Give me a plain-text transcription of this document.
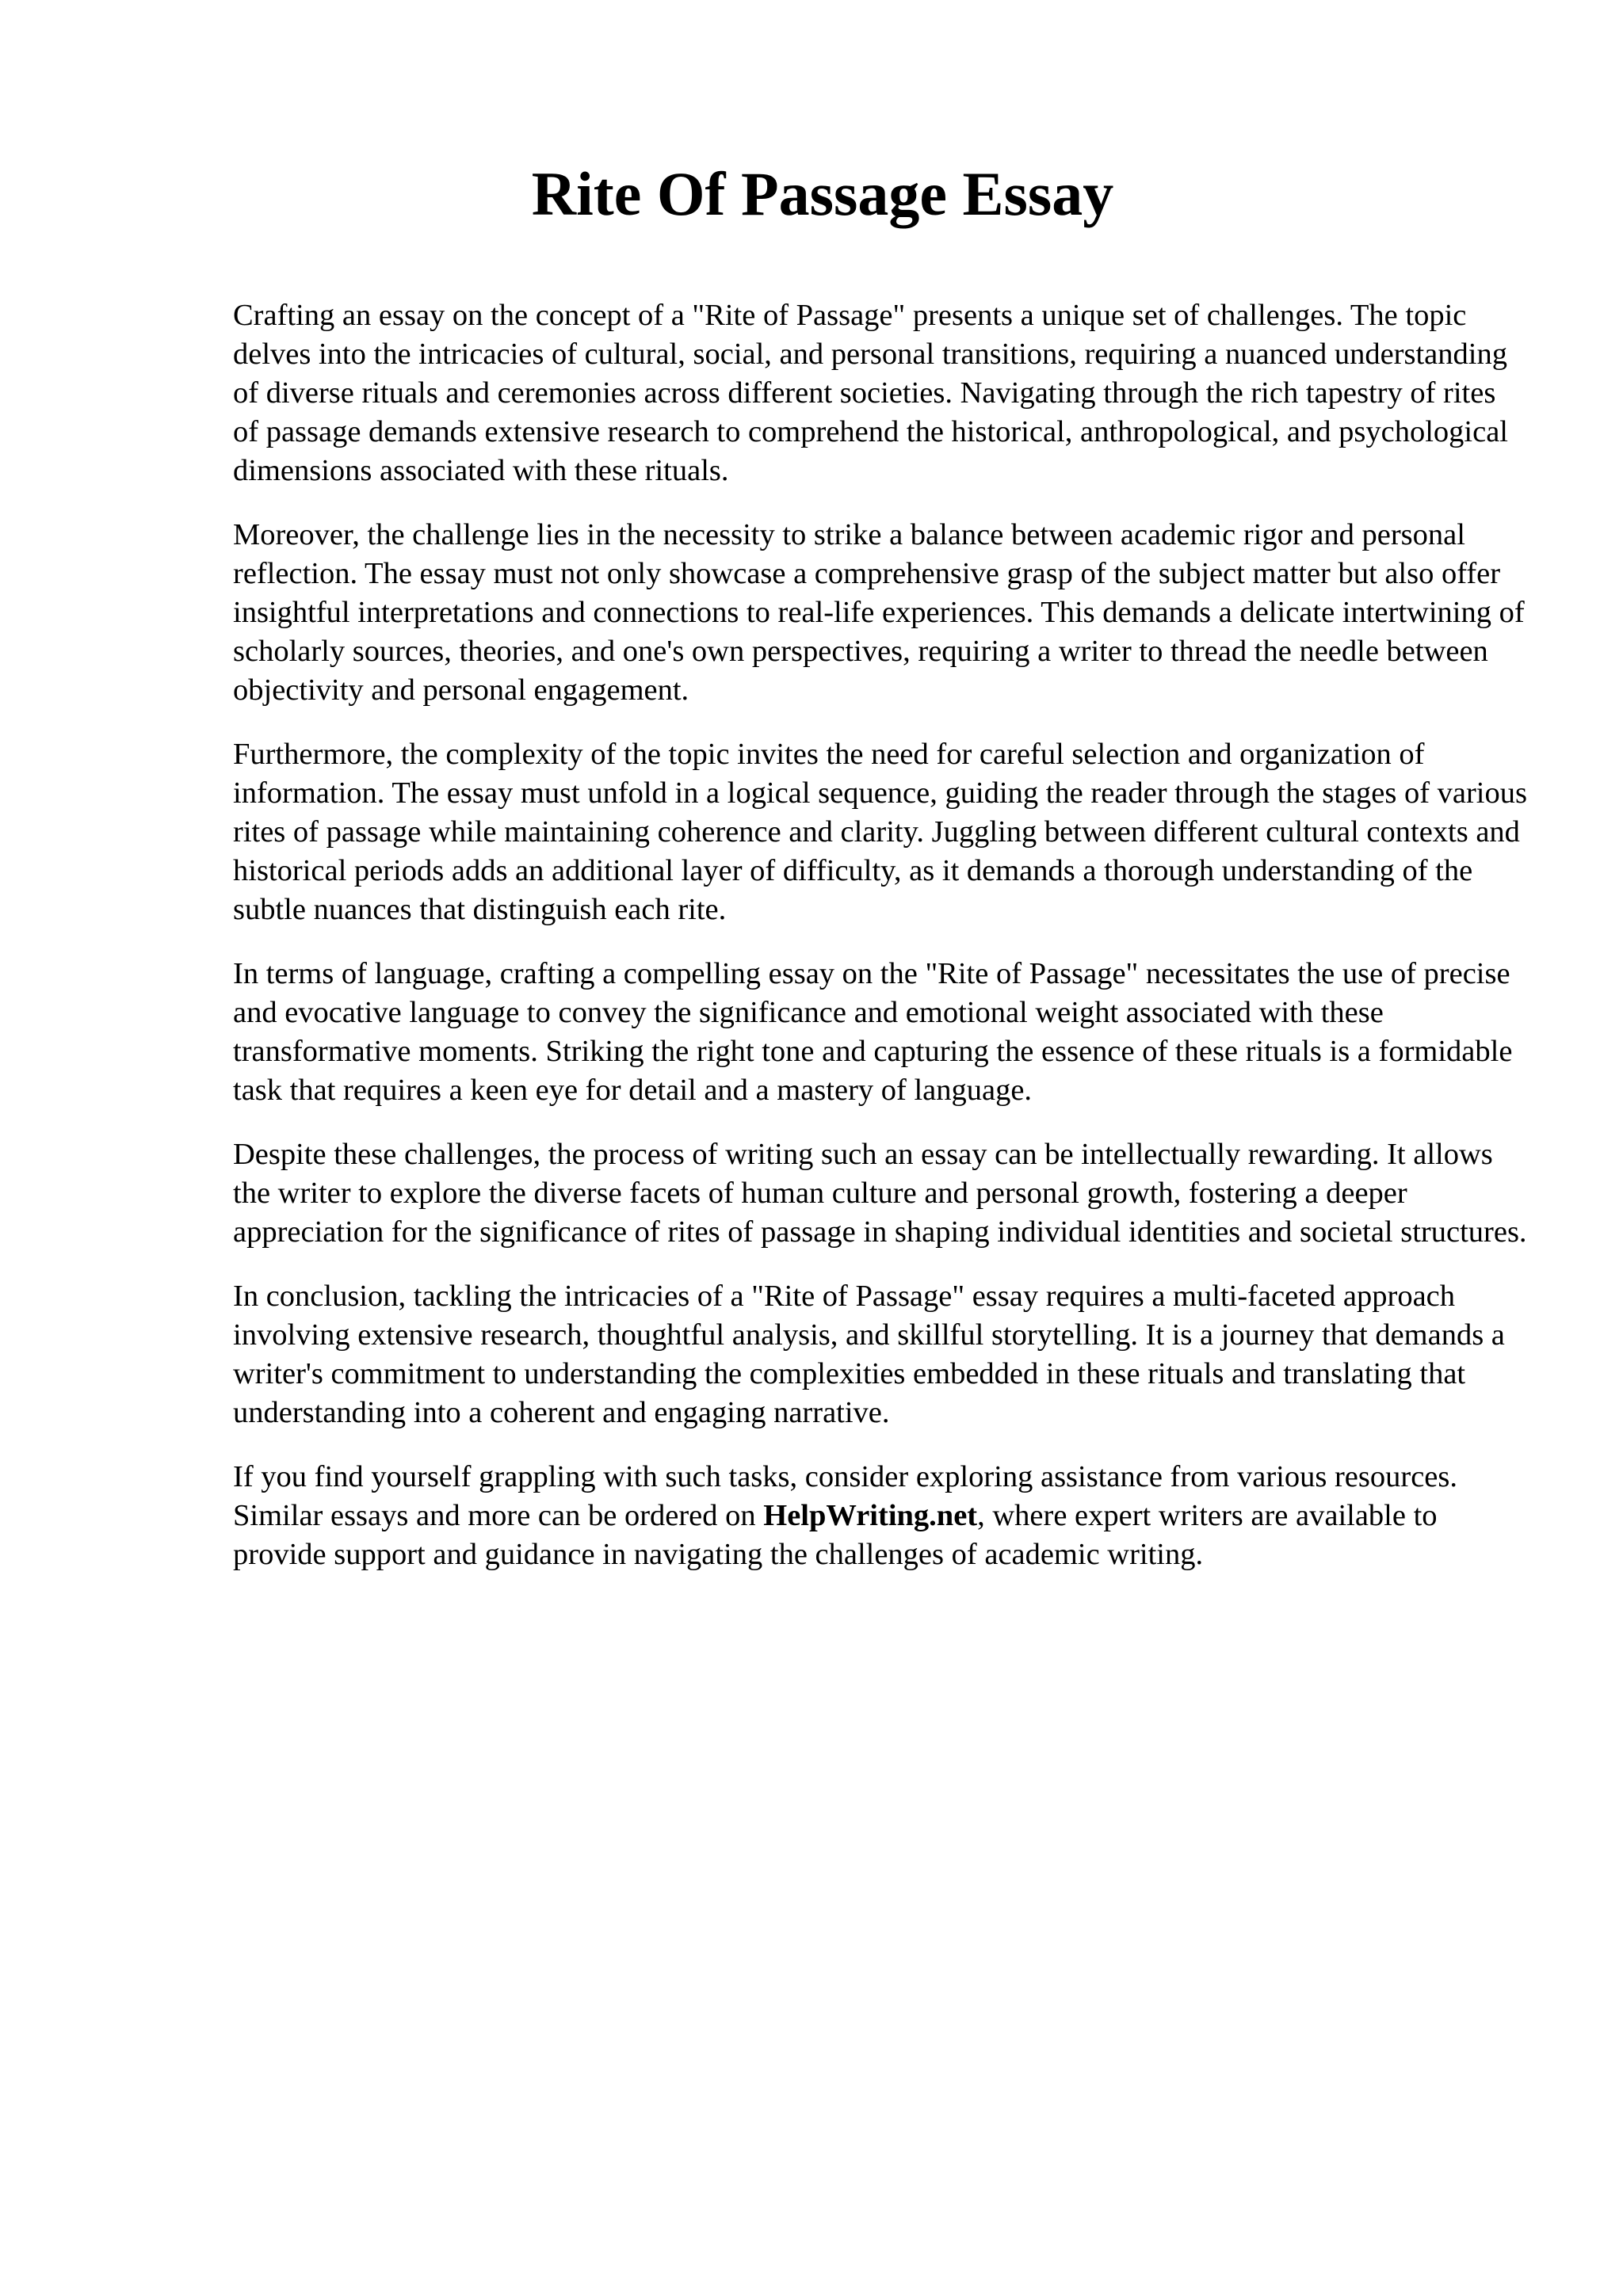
Rite Of Passage Essay

Crafting an essay on the concept of a "Rite of Passage" presents a unique set of challenges. The topic delves into the intricacies of cultural, social, and personal transitions, requiring a nuanced understanding of diverse rituals and ceremonies across different societies. Navigating through the rich tapestry of rites of passage demands extensive research to comprehend the historical, anthropological, and psychological dimensions associated with these rituals.

Moreover, the challenge lies in the necessity to strike a balance between academic rigor and personal reflection. The essay must not only showcase a comprehensive grasp of the subject matter but also offer insightful interpretations and connections to real-life experiences. This demands a delicate intertwining of scholarly sources, theories, and one's own perspectives, requiring a writer to thread the needle between objectivity and personal engagement.

Furthermore, the complexity of the topic invites the need for careful selection and organization of information. The essay must unfold in a logical sequence, guiding the reader through the stages of various rites of passage while maintaining coherence and clarity. Juggling between different cultural contexts and historical periods adds an additional layer of difficulty, as it demands a thorough understanding of the subtle nuances that distinguish each rite.

In terms of language, crafting a compelling essay on the "Rite of Passage" necessitates the use of precise and evocative language to convey the significance and emotional weight associated with these transformative moments. Striking the right tone and capturing the essence of these rituals is a formidable task that requires a keen eye for detail and a mastery of language.

Despite these challenges, the process of writing such an essay can be intellectually rewarding. It allows the writer to explore the diverse facets of human culture and personal growth, fostering a deeper appreciation for the significance of rites of passage in shaping individual identities and societal structures.

In conclusion, tackling the intricacies of a "Rite of Passage" essay requires a multi-faceted approach involving extensive research, thoughtful analysis, and skillful storytelling. It is a journey that demands a writer's commitment to understanding the complexities embedded in these rituals and translating that understanding into a coherent and engaging narrative.

If you find yourself grappling with such tasks, consider exploring assistance from various resources. Similar essays and more can be ordered on HelpWriting.net, where expert writers are available to provide support and guidance in navigating the challenges of academic writing.
